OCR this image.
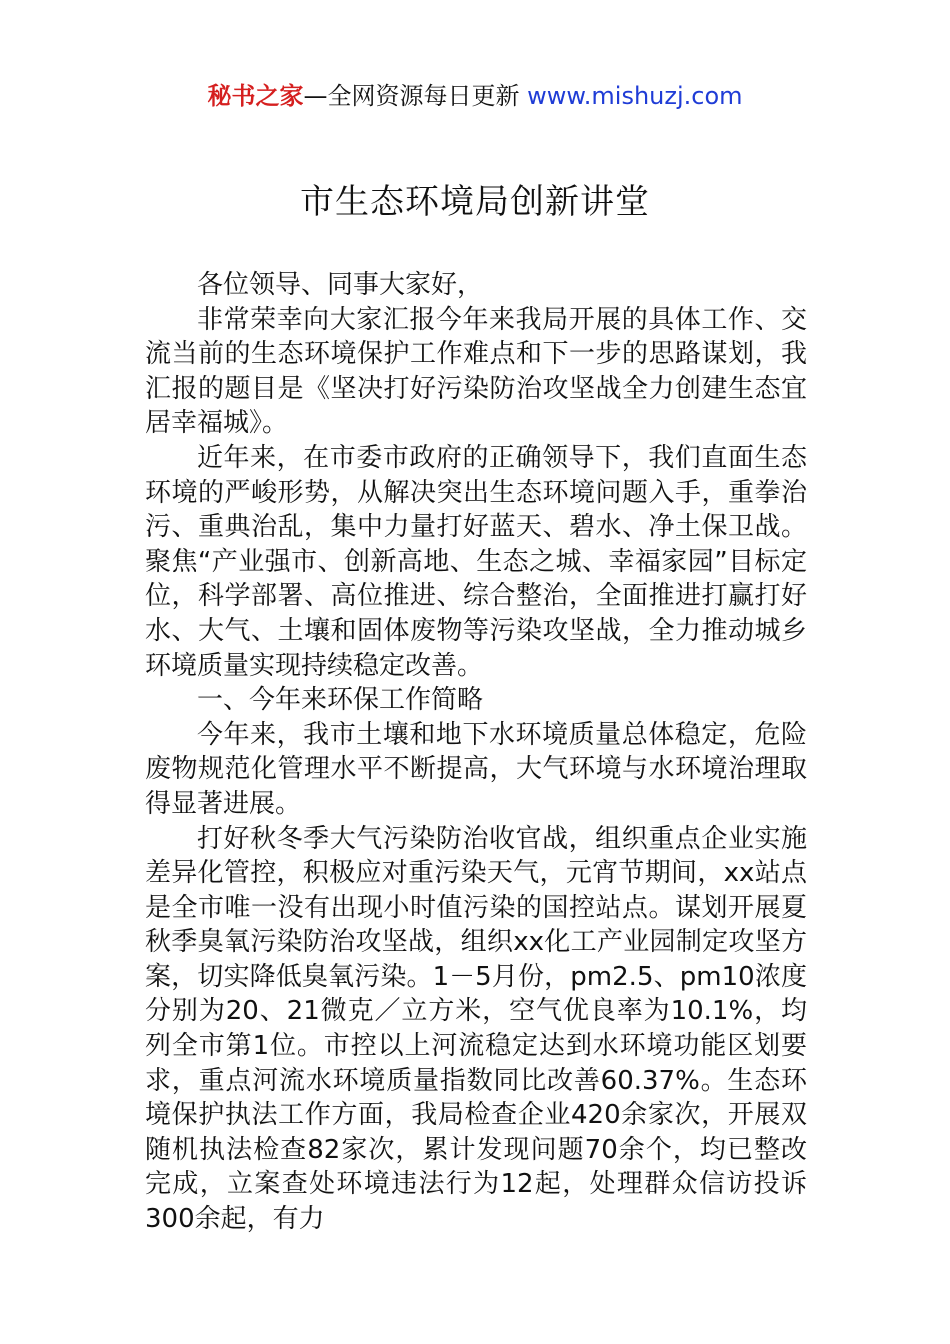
秘书之家—全网资源每日更新 www.mishuzj.com
市生态环境局创新讲堂

各位领导、同事大家好，

非常荣幸向大家汇报今年来我局开展的具体工作、交流当前的生态环境保护工作难点和下一步的思路谋划，我汇报的题目是《坚决打好污染防治攻坚战全力创建生态宜居幸福城》。

近年来，在市委市政府的正确领导下，我们直面生态环境的严峻形势，从解决突出生态环境问题入手，重拳治污、重典治乱，集中力量打好蓝天、碧水、净土保卫战。聚焦“产业强市、创新高地、生态之城、幸福家园”目标定位，科学部署、高位推进、综合整治，全面推进打赢打好水、大气、土壤和固体废物等污染攻坚战，全力推动城乡环境质量实现持续稳定改善。

一、今年来环保工作简略

今年来，我市土壤和地下水环境质量总体稳定，危险废物规范化管理水平不断提高，大气环境与水环境治理取得显著进展。

打好秋冬季大气污染防治收官战，组织重点企业实施差异化管控，积极应对重污染天气，元宵节期间，xx站点是全市唯一没有出现小时值污染的国控站点。谋划开展夏秋季臭氧污染防治攻坚战，组织xx化工产业园制定攻坚方案，切实降低臭氧污染。1－5月份，pm2.5、pm10浓度分别为20、21微克／立方米，空气优良率为10.1%，均列全市第1位。市控以上河流稳定达到水环境功能区划要求，重点河流水环境质量指数同比改善60.37%。生态环境保护执法工作方面，我局检查企业420余家次，开展双随机执法检查82家次，累计发现问题70余个，均已整改完成，立案查处环境违法行为12起，处理群众信访投诉300余起，有力
